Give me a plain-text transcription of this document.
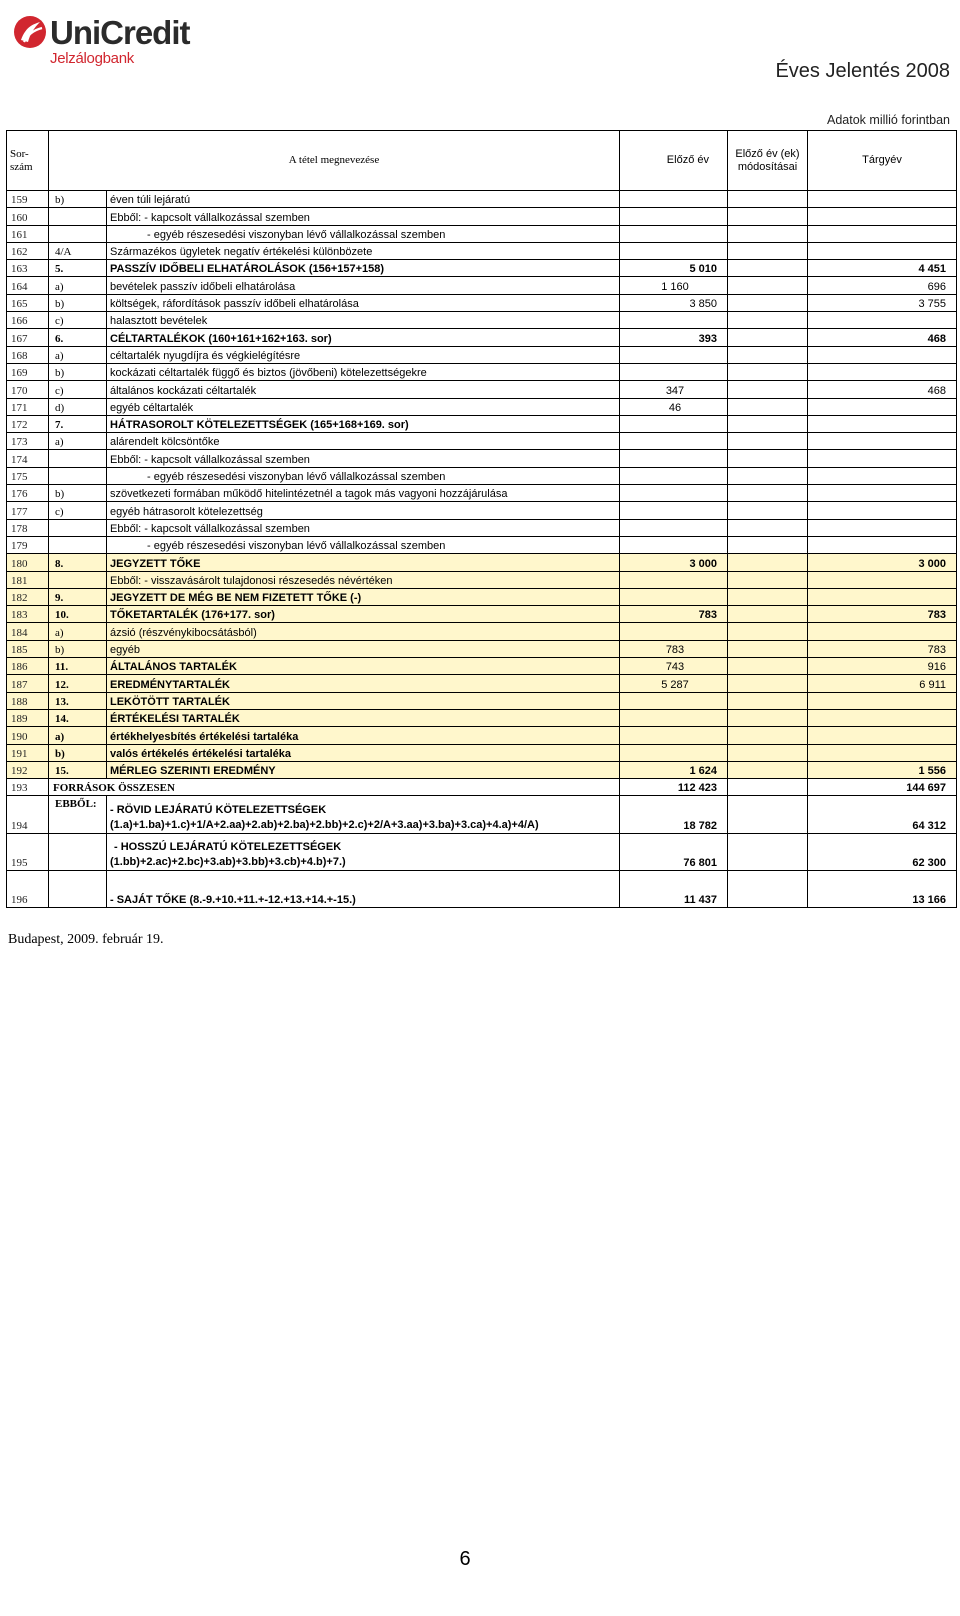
UniCredit
Jelzálogbank
Éves Jelentés 2008
Adatok millió forintban
Sor-
szám	A tétel megnevezése		Előző év	Előző év (ek) módosításai	Tárgyév
159	b)	éven túli lejáratú			
160		Ebből: - kapcsolt vállalkozással szemben			
161		- egyéb részesedési viszonyban lévő vállalkozással szemben			
162	4/A	Származékos ügyletek negatív értékelési különbözete			
163	5.	PASSZÍV IDŐBELI ELHATÁROLÁSOK (156+157+158)	5 010		4 451
164	a)	bevételek passzív időbeli elhatárolása	1 160		696
165	b)	költségek, ráfordítások passzív időbeli elhatárolása	3 850		3 755
166	c)	halasztott bevételek			
167	6.	CÉLTARTALÉKOK (160+161+162+163. sor)	393		468
168	a)	céltartalék nyugdíjra és végkielégítésre			
169	b)	kockázati céltartalék függő és biztos (jövőbeni) kötelezettségekre			
170	c)	általános kockázati céltartalék	347		468
171	d)	egyéb céltartalék	46		
172	7.	HÁTRASOROLT KÖTELEZETTSÉGEK (165+168+169. sor)			
173	a)	alárendelt kölcsöntőke			
174		Ebből: - kapcsolt vállalkozással szemben			
175		- egyéb részesedési viszonyban lévő vállalkozással szemben			
176	b)	szövetkezeti formában működő hitelintézetnél a tagok más vagyoni hozzájárulása			
177	c)	egyéb hátrasorolt kötelezettség			
178		Ebből: - kapcsolt vállalkozással szemben			
179		- egyéb részesedési viszonyban lévő vállalkozással szemben			
180	8.	JEGYZETT TŐKE	3 000		3 000
181		Ebből: - visszavásárolt tulajdonosi részesedés névértéken			
182	9.	JEGYZETT DE MÉG BE NEM FIZETETT TŐKE (-)			
183	10.	TŐKETARTALÉK (176+177. sor)	783		783
184	a)	ázsió (részvénykibocsátásból)			
185	b)	egyéb	783		783
186	11.	ÁLTALÁNOS TARTALÉK	743		916
187	12.	EREDMÉNYTARTALÉK	5 287		6 911
188	13.	LEKÖTÖTT TARTALÉK			
189	14.	ÉRTÉKELÉSI TARTALÉK			
190	a)	értékhelyesbítés értékelési tartaléka			
191	b)	valós értékelés értékelési tartaléka			
192	15.	MÉRLEG SZERINTI EREDMÉNY	1 624		1 556
193	FORRÁSOK ÖSSZESEN		112 423		144 697
194	EBBŐL:	- RÖVID LEJÁRATÚ KÖTELEZETTSÉGEK
(1.a)+1.ba)+1.c)+1/A+2.aa)+2.ab)+2.ba)+2.bb)+2.c)+2/A+3.aa)+3.ba)+3.ca)+4.a)+4/A)	18 782		64 312
195		- HOSSZÚ LEJÁRATÚ KÖTELEZETTSÉGEK
(1.bb)+2.ac)+2.bc)+3.ab)+3.bb)+3.cb)+4.b)+7.)	76 801		62 300
196		- SAJÁT TŐKE (8.-9.+10.+11.+-12.+13.+14.+-15.)	11 437		13 166
Budapest, 2009. február 19.
6
